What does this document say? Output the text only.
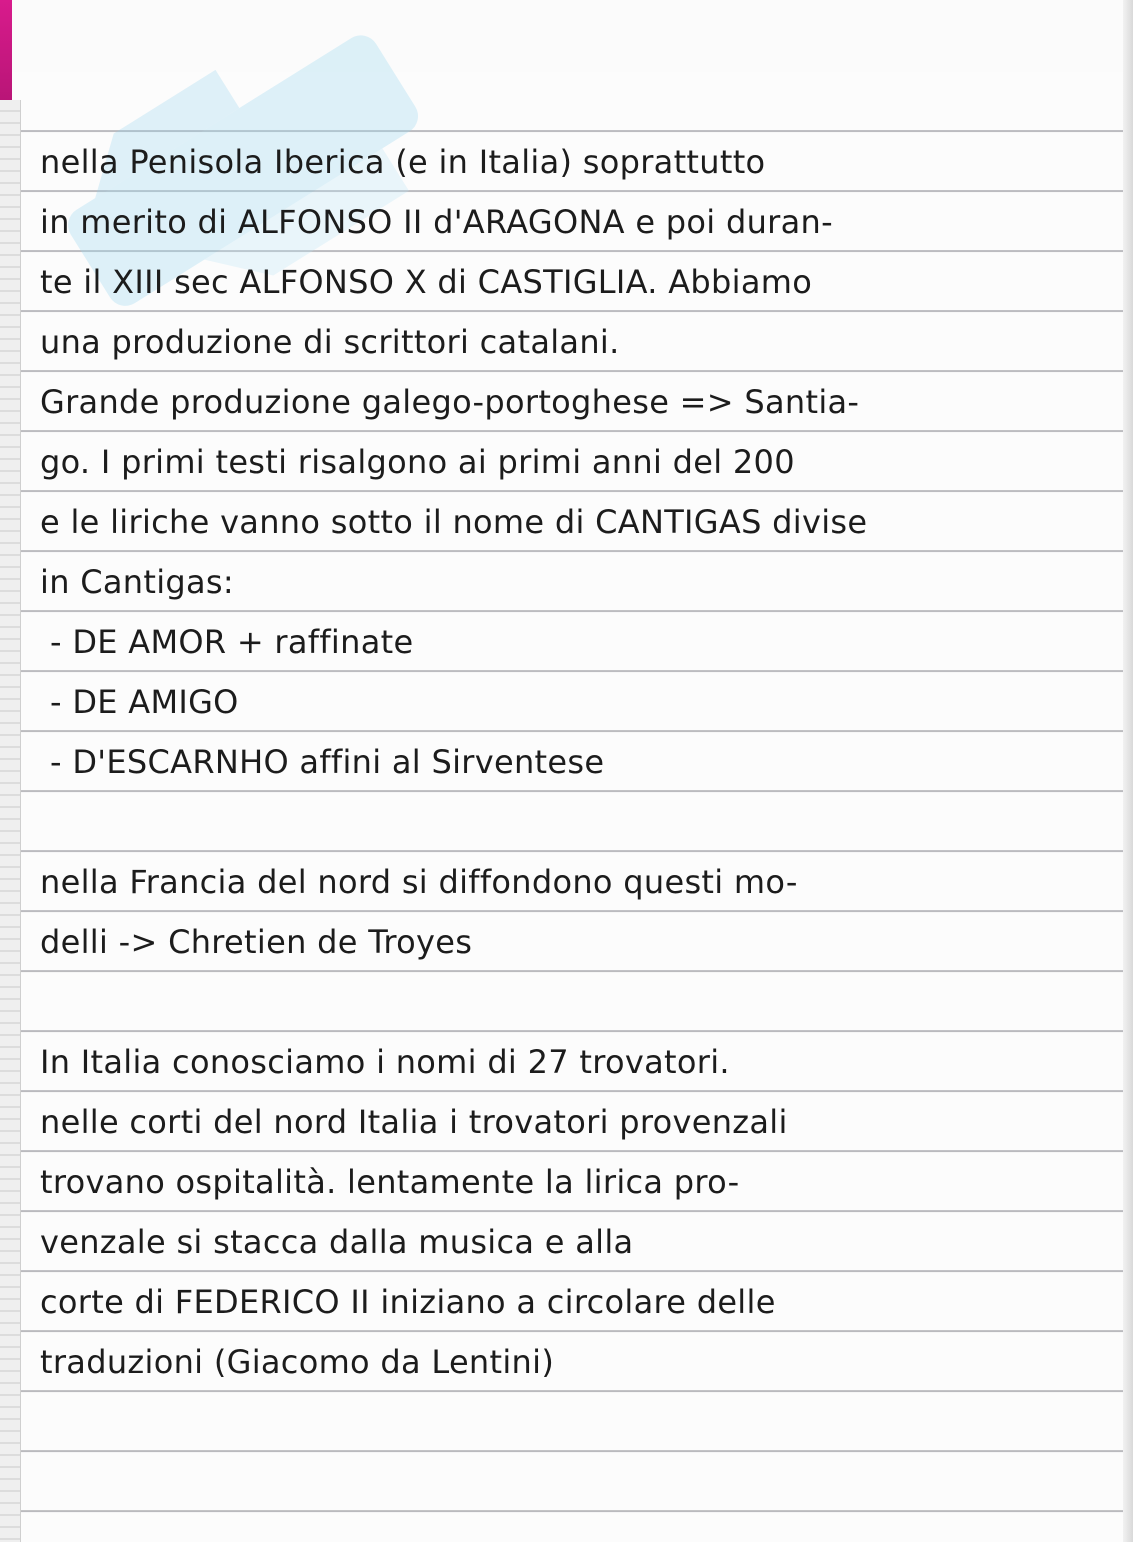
nella Penisola Iberica (e in Italia) soprattutto
in merito di ALFONSO II d'ARAGONA e poi duran-
te il XIII sec ALFONSO X di CASTIGLIA. Abbiamo
una produzione di scrittori catalani.
Grande produzione galego-portoghese => Santia-
go. I primi testi risalgono ai primi anni del 200
e le liriche vanno sotto il nome di CANTIGAS divise
in Cantigas:
- DE AMOR + raffinate
- DE AMIGO
- D'ESCARNHO affini al Sirventese
nella Francia del nord si diffondono questi mo-
delli -> Chretien de Troyes
In Italia conosciamo i nomi di 27 trovatori.
nelle corti del nord Italia i trovatori provenzali
trovano ospitalità. lentamente la lirica pro-
venzale si stacca dalla musica e alla
corte di FEDERICO II iniziano a circolare delle
traduzioni (Giacomo da Lentini)
